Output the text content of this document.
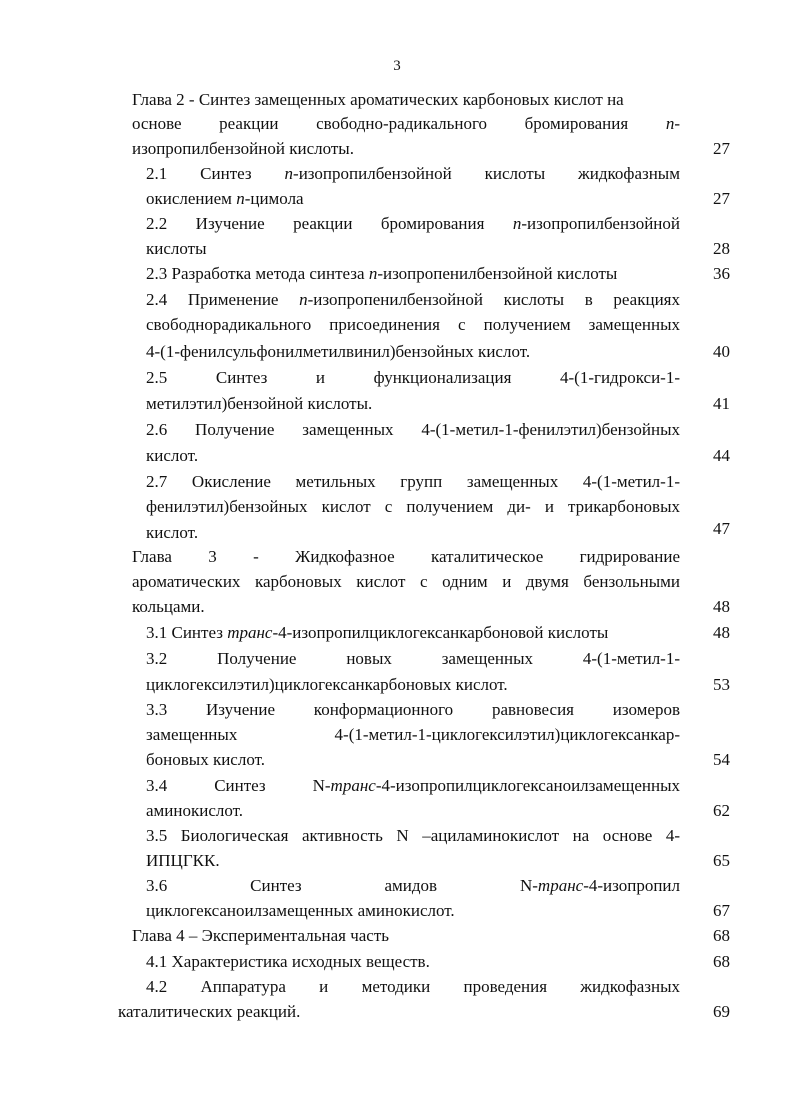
3
Глава 2 - Синтез замещенных ароматических карбоновых кислот на
основе реакции свободно-радикального бромирования п-
изопропилбензойной кислоты.	27
2.1 Синтез п-изопропилбензойной кислоты жидкофазным
окислением п-цимола	27
2.2 Изучение реакции бромирования п-изопропилбензойной
кислоты	28
2.3 Разработка метода синтеза п-изопропенилбензойной кислоты	36
2.4 Применение п-изопропенилбензойной кислоты в реакциях
свободнорадикального присоединения с получением замещенных
4-(1-фенилсульфонилметилвинил)бензойных кислот.	40
2.5 Синтез и функционализация 4-(1-гидрокси-1-
метилэтил)бензойной кислоты.	41
2.6 Получение замещенных 4-(1-метил-1-фенилэтил)бензойных
кислот.	44
2.7 Окисление метильных групп замещенных 4-(1-метил-1-
фенилэтил)бензойных кислот с получением ди- и трикарбоновых
кислот.	47
Глава 3 - Жидкофазное каталитическое гидрирование
ароматических карбоновых кислот с одним и двумя бензольными
кольцами.	48
3.1 Синтез транс-4-изопропилциклогексанкарбоновой кислоты	48
3.2 Получение новых замещенных 4-(1-метил-1-
циклогексилэтил)циклогексанкарбоновых кислот.	53
3.3 Изучение конформационного равновесия изомеров
замещенных 4-(1-метил-1-циклогексилэтил)циклогексанкар-
боновых кислот.	54
3.4 Синтез N-транс-4-изопропилциклогексаноилзамещенных
аминокислот.	62
3.5 Биологическая активность N –ациламинокислот на основе 4-
ИПЦГКК.	65
3.6 Синтез амидов N-транс-4-изопропил
циклогексаноилзамещенных аминокислот.	67
Глава 4 – Экспериментальная часть	68
4.1 Характеристика исходных веществ.	68
4.2 Аппаратура и методики проведения жидкофазных
каталитических реакций.	69
